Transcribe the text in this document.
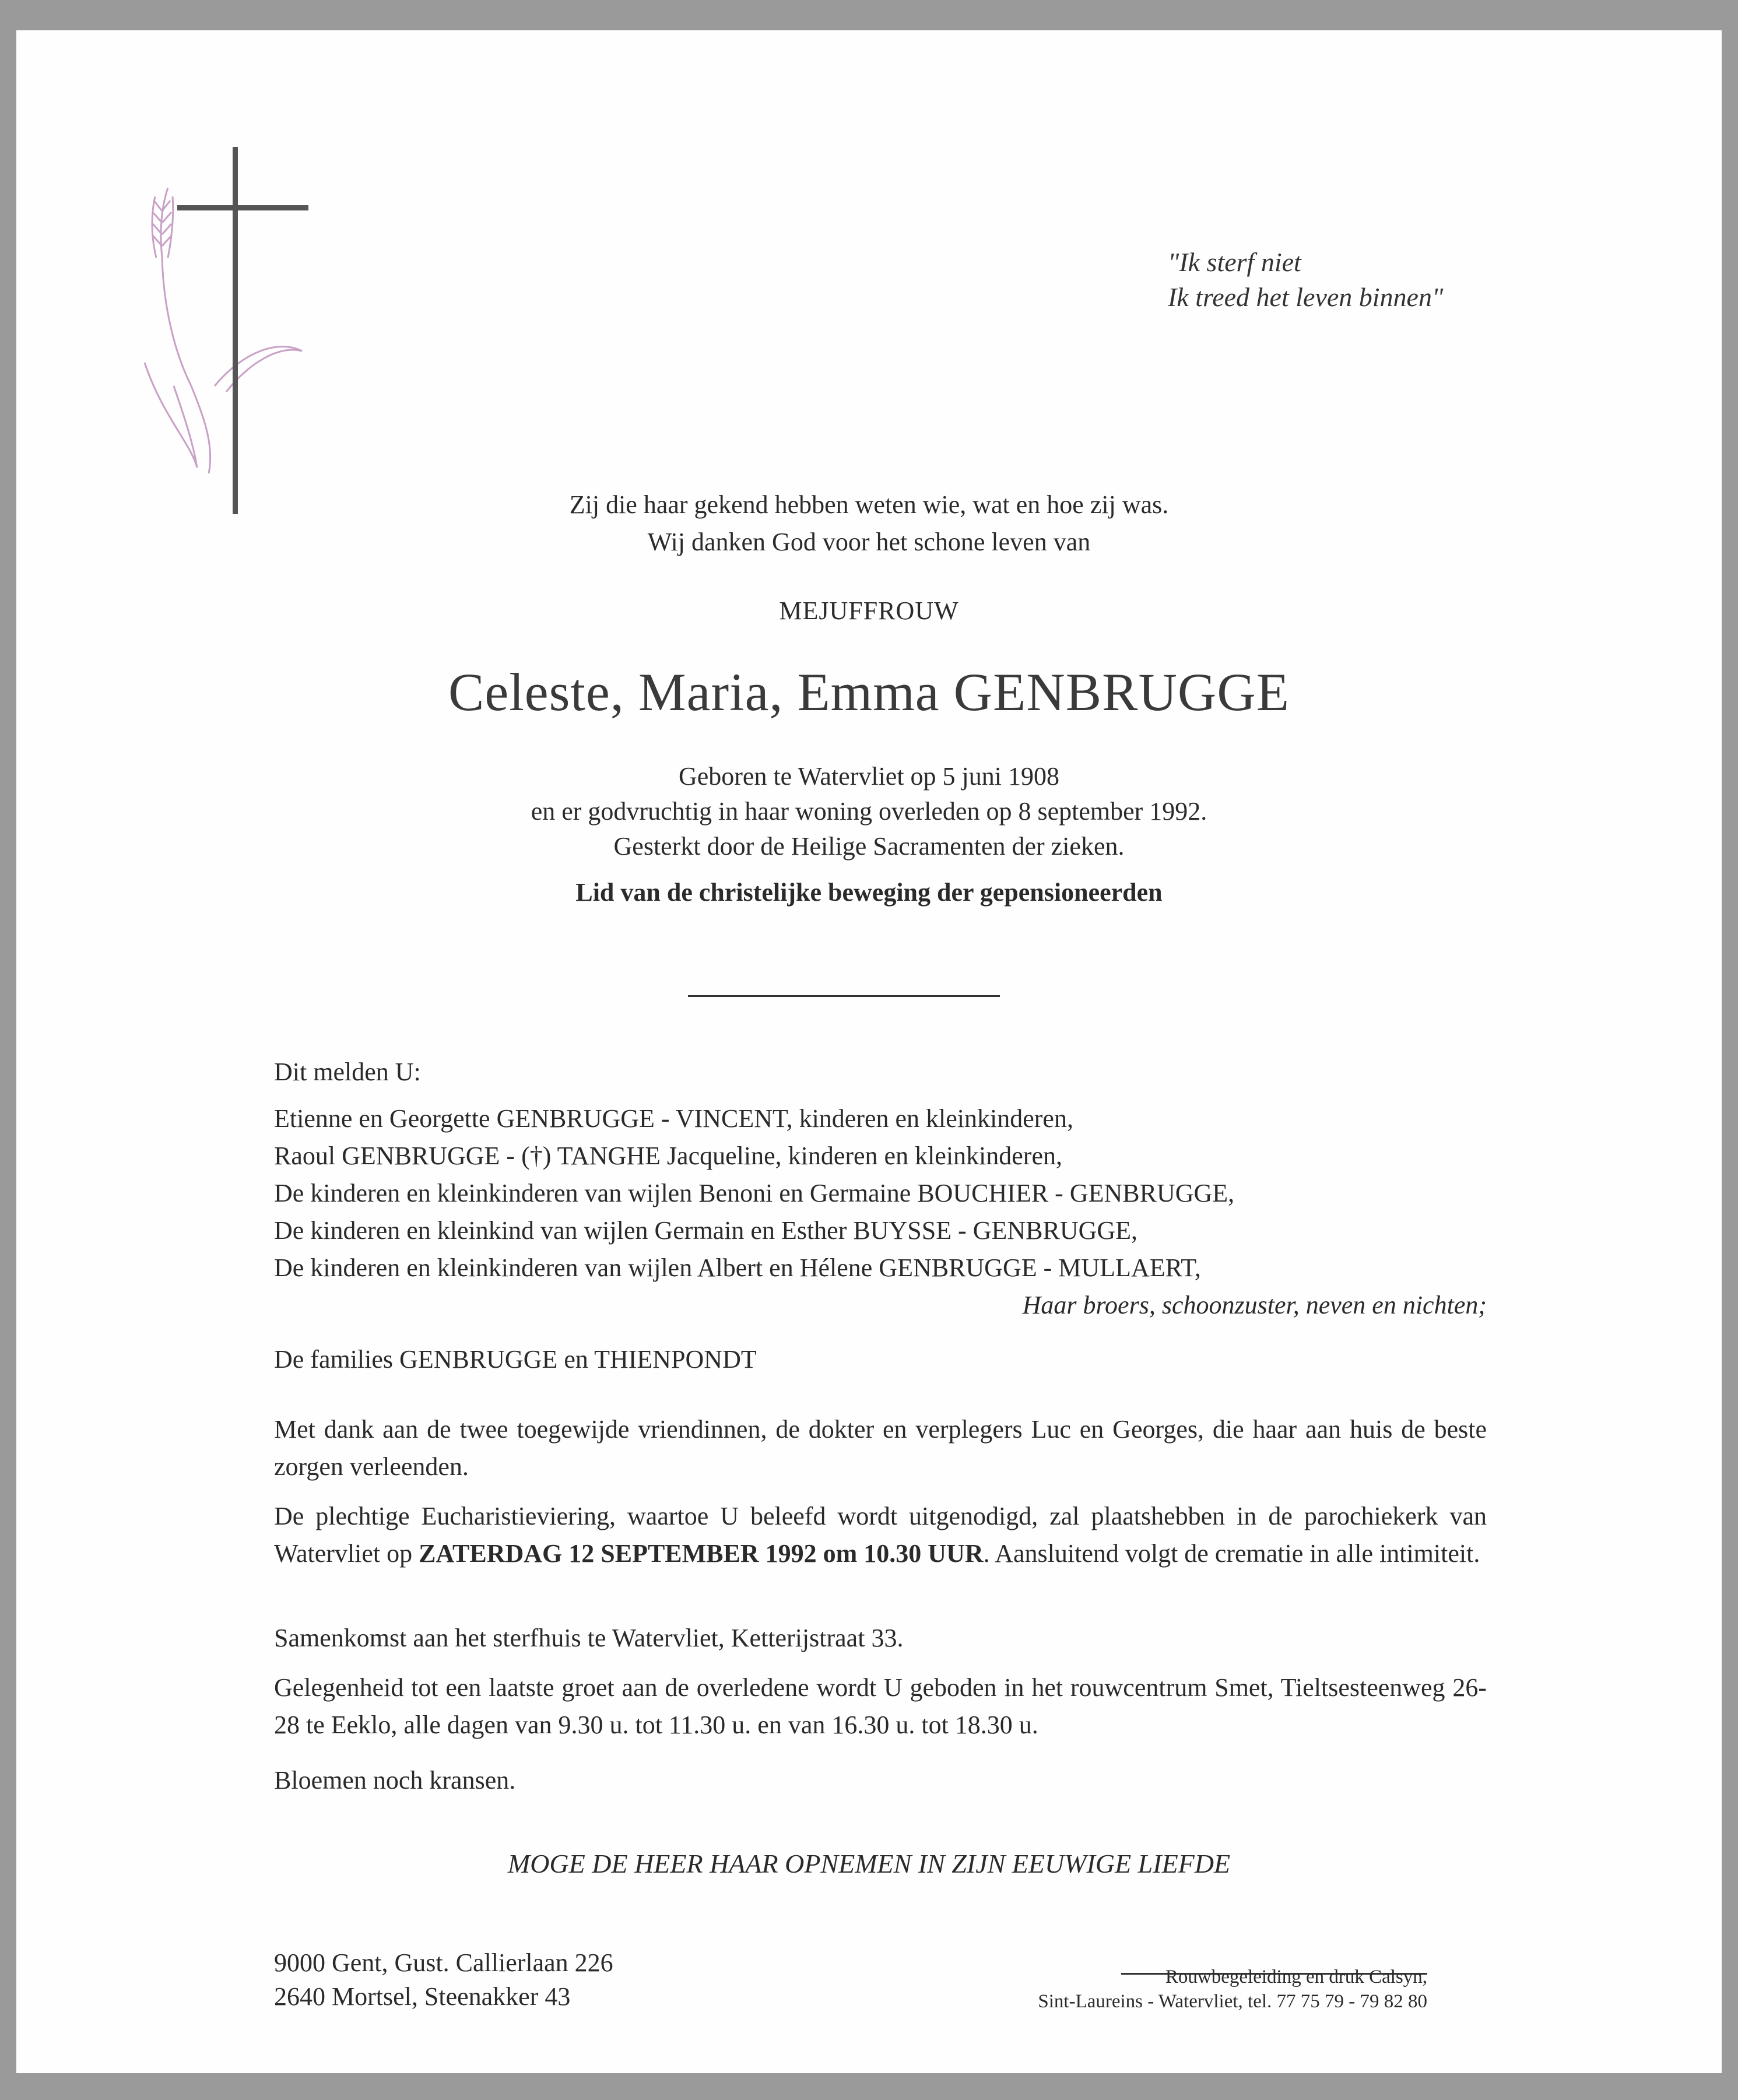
"Ik sterf niet
Ik treed het leven binnen"
Zij die haar gekend hebben weten wie, wat en hoe zij was.
Wij danken God voor het schone leven van
MEJUFFROUW
Celeste, Maria, Emma GENBRUGGE
Geboren te Watervliet op 5 juni 1908
en er godvruchtig in haar woning overleden op 8 september 1992.
Gesterkt door de Heilige Sacramenten der zieken.
Lid van de christelijke beweging der gepensioneerden
Dit melden U:
Etienne en Georgette GENBRUGGE - VINCENT, kinderen en kleinkinderen,
Raoul GENBRUGGE - (†) TANGHE Jacqueline, kinderen en kleinkinderen,
De kinderen en kleinkinderen van wijlen Benoni en Germaine BOUCHIER - GENBRUGGE,
De kinderen en kleinkind van wijlen Germain en Esther BUYSSE - GENBRUGGE,
De kinderen en kleinkinderen van wijlen Albert en Hélene GENBRUGGE - MULLAERT,
Haar broers, schoonzuster, neven en nichten;
De families GENBRUGGE en THIENPONDT
Met dank aan de twee toegewijde vriendinnen, de dokter en verplegers Luc en Georges, die haar aan huis de beste zorgen verleenden.
De plechtige Eucharistieviering, waartoe U beleefd wordt uitgenodigd, zal plaatshebben in de parochiekerk van Watervliet op ZATERDAG 12 SEPTEMBER 1992 om 10.30 UUR. Aansluitend volgt de crematie in alle intimiteit.
Samenkomst aan het sterfhuis te Watervliet, Ketterijstraat 33.
Gelegenheid tot een laatste groet aan de overledene wordt U geboden in het rouwcentrum Smet, Tieltsesteenweg 26-28 te Eeklo, alle dagen van 9.30 u. tot 11.30 u. en van 16.30 u. tot 18.30 u.
Bloemen noch kransen.
MOGE DE HEER HAAR OPNEMEN IN ZIJN EEUWIGE LIEFDE
9000 Gent, Gust. Callierlaan 226
2640 Mortsel, Steenakker 43
Rouwbegeleiding en druk Calsyn,
Sint-Laureins - Watervliet, tel. 77 75 79 - 79 82 80
